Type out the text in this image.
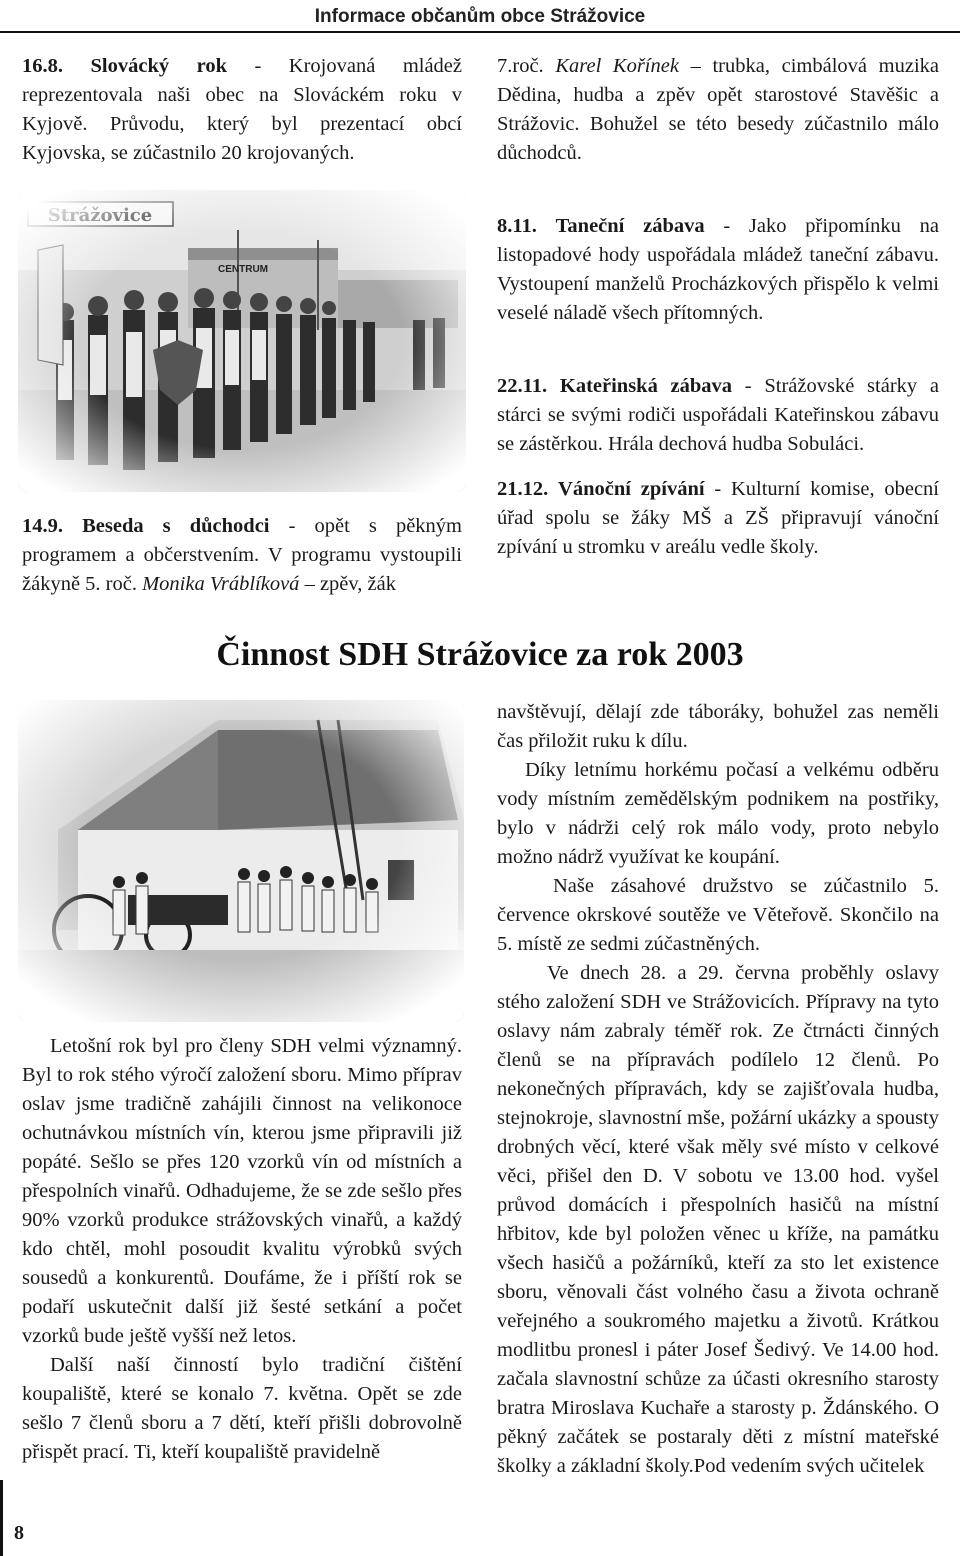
Informace občanům obce Strážovice

16.8. Slovácký rok - Krojovaná mládež reprezentovala naši obec na Slováckém roku v Kyjově. Průvodu, který byl prezentací obcí Kyjovska, se zúčastnilo 20 krojovaných.

14.9. Beseda s důchodci - opět s pěkným programem a občerstvením. V programu vystoupili žákyně 5. roč. Monika Vráblíková – zpěv, žák

7.roč. Karel Kořínek – trubka, cimbálová muzika Dědina, hudba a zpěv opět starostové Stavěšic a Strážovic. Bohužel se této besedy zúčastnilo málo důchodců.

8.11. Taneční zábava - Jako připomínku na listopadové hody uspořádala mládež taneční zábavu. Vystoupení manželů Procházkových přispělo k velmi veselé náladě všech přítomných.

22.11. Kateřinská zábava - Strážovské stárky a stárci se svými rodiči uspořádali Kateřinskou zábavu se zástěrkou. Hrála dechová hudba Sobuláci.

21.12. Vánoční zpívání - Kulturní komise, obecní úřad spolu se žáky MŠ a ZŠ připravují vánoční zpívání u stromku v areálu vedle školy.

Činnost SDH Strážovice za rok 2003

Letošní rok byl pro členy SDH velmi významný. Byl to rok stého výročí založení sboru. Mimo příprav oslav jsme tradičně zahájili činnost na velikonoce ochutnávkou místních vín, kterou jsme připravili již popáté. Sešlo se přes 120 vzorků vín od místních a přespolních vinařů. Odhadujeme, že se zde sešlo přes 90% vzorků produkce strážovských vinařů, a každý kdo chtěl, mohl posoudit kvalitu výrobků svých sousedů a konkurentů. Doufáme, že i příští rok se podaří uskutečnit další již šesté setkání a počet vzorků bude ještě vyšší než letos.

Další naší činností bylo tradiční čištění koupaliště, které se konalo 7. května. Opět se zde sešlo 7 členů sboru a 7 dětí, kteří přišli dobrovolně přispět prací. Ti, kteří koupaliště pravidelně

navštěvují, dělají zde táboráky, bohužel zas neměli čas přiložit ruku k dílu.

Díky letnímu horkému počasí a velkému odběru vody místním zemědělským podnikem na postřiky, bylo v nádrži celý rok málo vody, proto nebylo možno nádrž využívat ke koupání.

Naše zásahové družstvo se zúčastnilo 5. července okrskové soutěže ve Věteřově. Skončilo na 5. místě ze sedmi zúčastněných.

Ve dnech 28. a 29. června proběhly oslavy stého založení SDH ve Strážovicích. Přípravy na tyto oslavy nám zabraly téměř rok. Ze čtrnácti činných členů se na přípravách podílelo 12 členů. Po nekonečných přípravách, kdy se zajišťovala hudba, stejnokroje, slavnostní mše, požární ukázky a spousty drobných věcí, které však měly své místo v celkové věci, přišel den D. V sobotu ve 13.00 hod. vyšel průvod domácích i přespolních hasičů na místní hřbitov, kde byl položen věnec u kříže, na památku všech hasičů a požárníků, kteří za sto let existence sboru, věnovali část volného času a života ochraně veřejného a soukromého majetku a životů. Krátkou modlitbu pronesl i páter Josef Šedivý. Ve 14.00 hod. začala slavnostní schůze za účasti okresního starosty bratra Miroslava Kuchaře a starosty p. Ždánského. O pěkný začátek se postaraly děti z místní mateřské školky a základní školy.Pod vedením svých učitelek

8
